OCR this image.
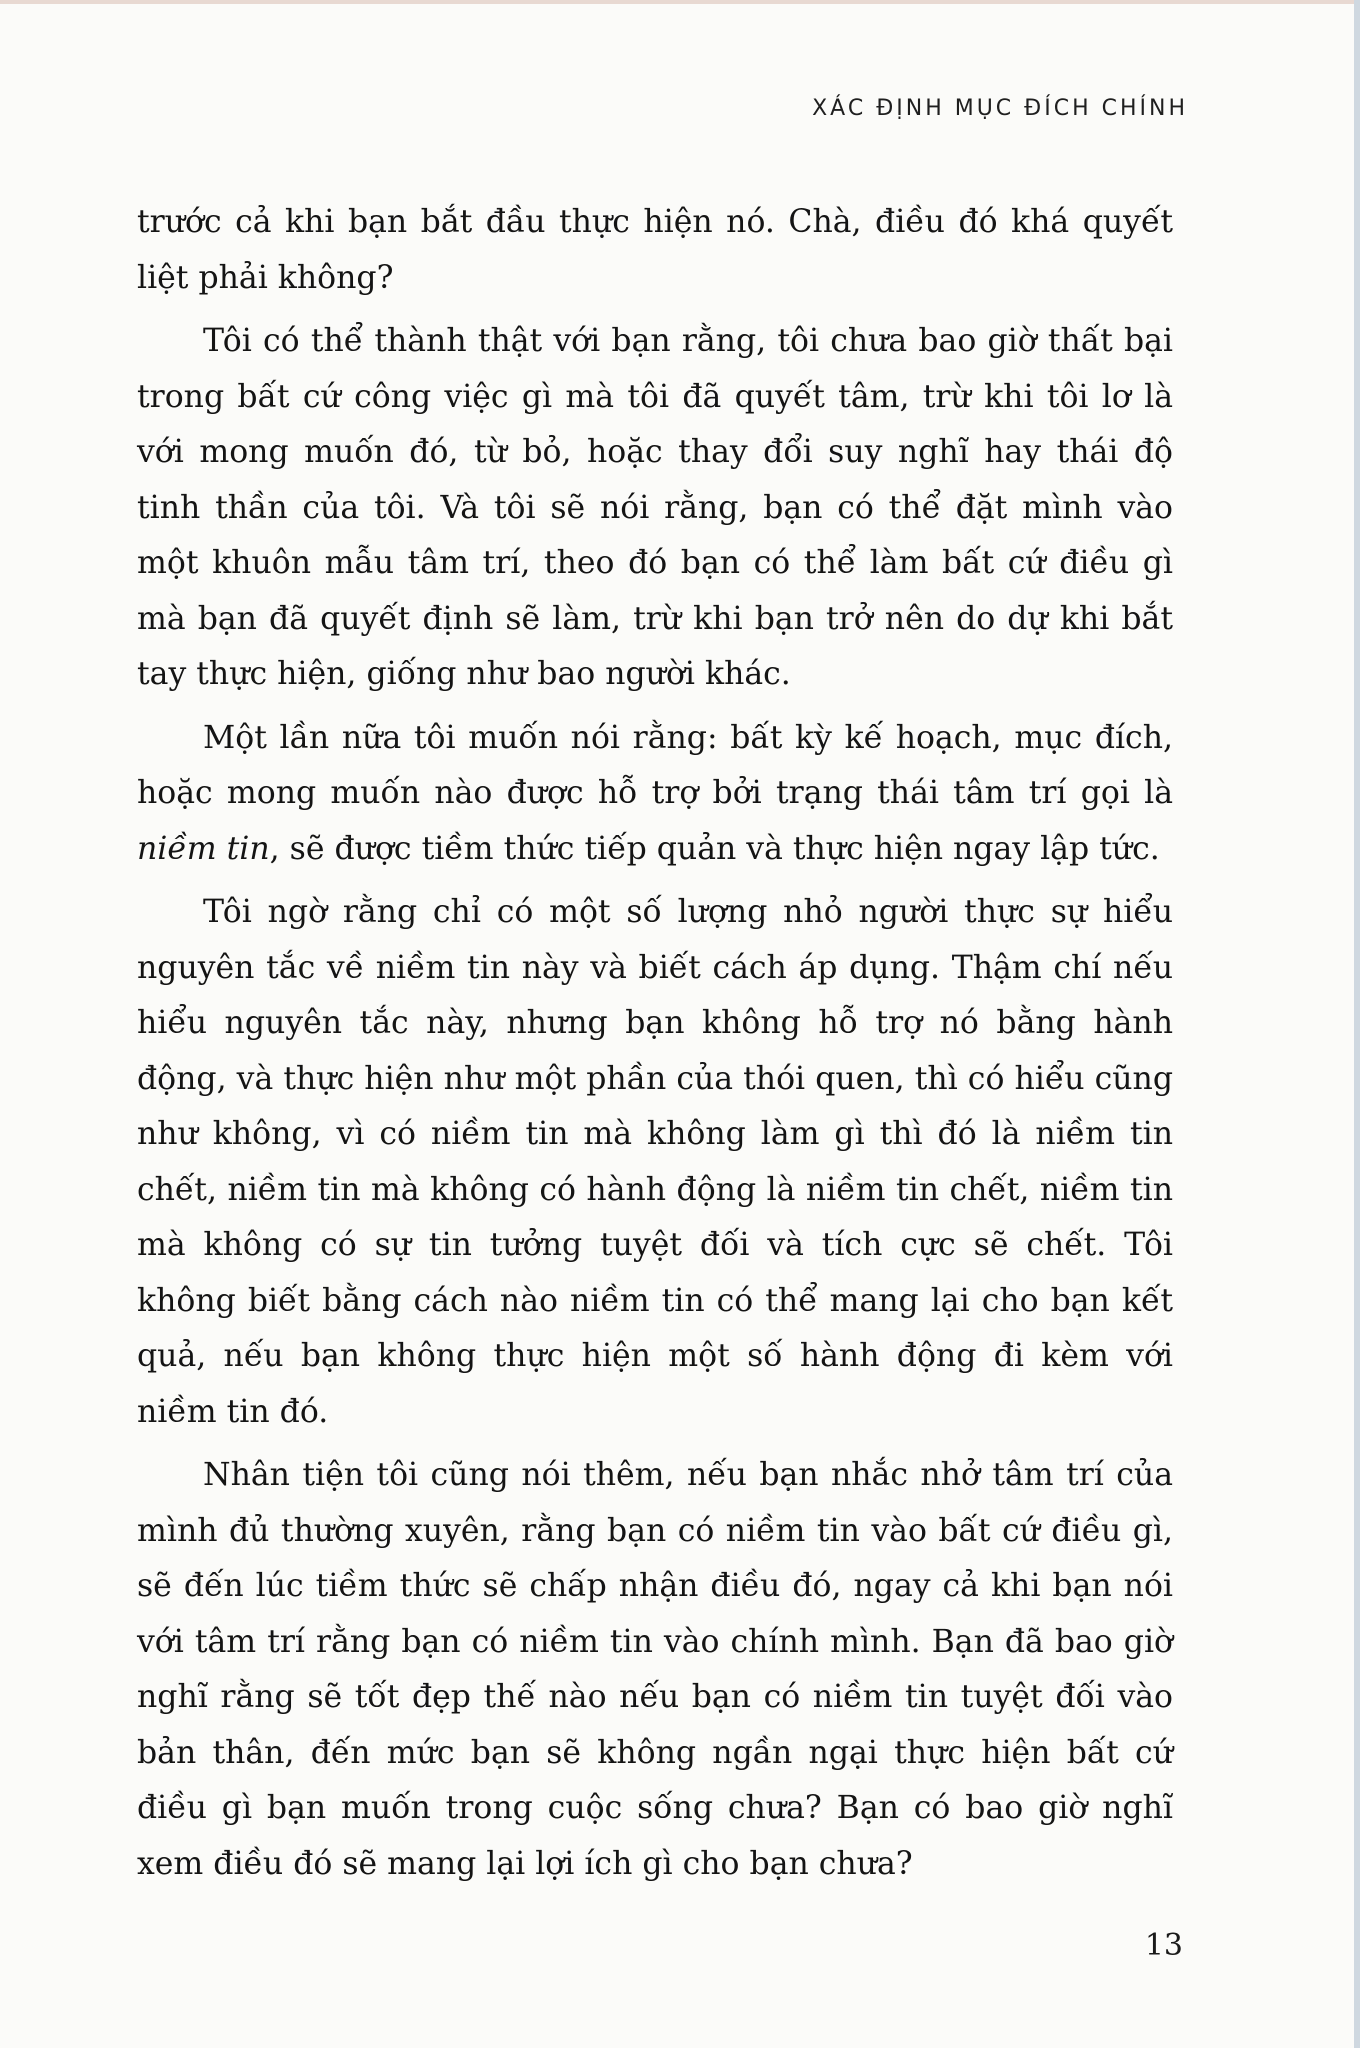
XÁC ĐỊNH MỤC ĐÍCH CHÍNH

trước cả khi bạn bắt đầu thực hiện nó. Chà, điều đó khá quyết liệt phải không?

Tôi có thể thành thật với bạn rằng, tôi chưa bao giờ thất bại trong bất cứ công việc gì mà tôi đã quyết tâm, trừ khi tôi lơ là với mong muốn đó, từ bỏ, hoặc thay đổi suy nghĩ hay thái độ tinh thần của tôi. Và tôi sẽ nói rằng, bạn có thể đặt mình vào một khuôn mẫu tâm trí, theo đó bạn có thể làm bất cứ điều gì mà bạn đã quyết định sẽ làm, trừ khi bạn trở nên do dự khi bắt tay thực hiện, giống như bao người khác.

Một lần nữa tôi muốn nói rằng: bất kỳ kế hoạch, mục đích, hoặc mong muốn nào được hỗ trợ bởi trạng thái tâm trí gọi là niềm tin, sẽ được tiềm thức tiếp quản và thực hiện ngay lập tức.

Tôi ngờ rằng chỉ có một số lượng nhỏ người thực sự hiểu nguyên tắc về niềm tin này và biết cách áp dụng. Thậm chí nếu hiểu nguyên tắc này, nhưng bạn không hỗ trợ nó bằng hành động, và thực hiện như một phần của thói quen, thì có hiểu cũng như không, vì có niềm tin mà không làm gì thì đó là niềm tin chết, niềm tin mà không có hành động là niềm tin chết, niềm tin mà không có sự tin tưởng tuyệt đối và tích cực sẽ chết. Tôi không biết bằng cách nào niềm tin có thể mang lại cho bạn kết quả, nếu bạn không thực hiện một số hành động đi kèm với niềm tin đó.

Nhân tiện tôi cũng nói thêm, nếu bạn nhắc nhở tâm trí của mình đủ thường xuyên, rằng bạn có niềm tin vào bất cứ điều gì, sẽ đến lúc tiềm thức sẽ chấp nhận điều đó, ngay cả khi bạn nói với tâm trí rằng bạn có niềm tin vào chính mình. Bạn đã bao giờ nghĩ rằng sẽ tốt đẹp thế nào nếu bạn có niềm tin tuyệt đối vào bản thân, đến mức bạn sẽ không ngần ngại thực hiện bất cứ điều gì bạn muốn trong cuộc sống chưa? Bạn có bao giờ nghĩ xem điều đó sẽ mang lại lợi ích gì cho bạn chưa?

13
